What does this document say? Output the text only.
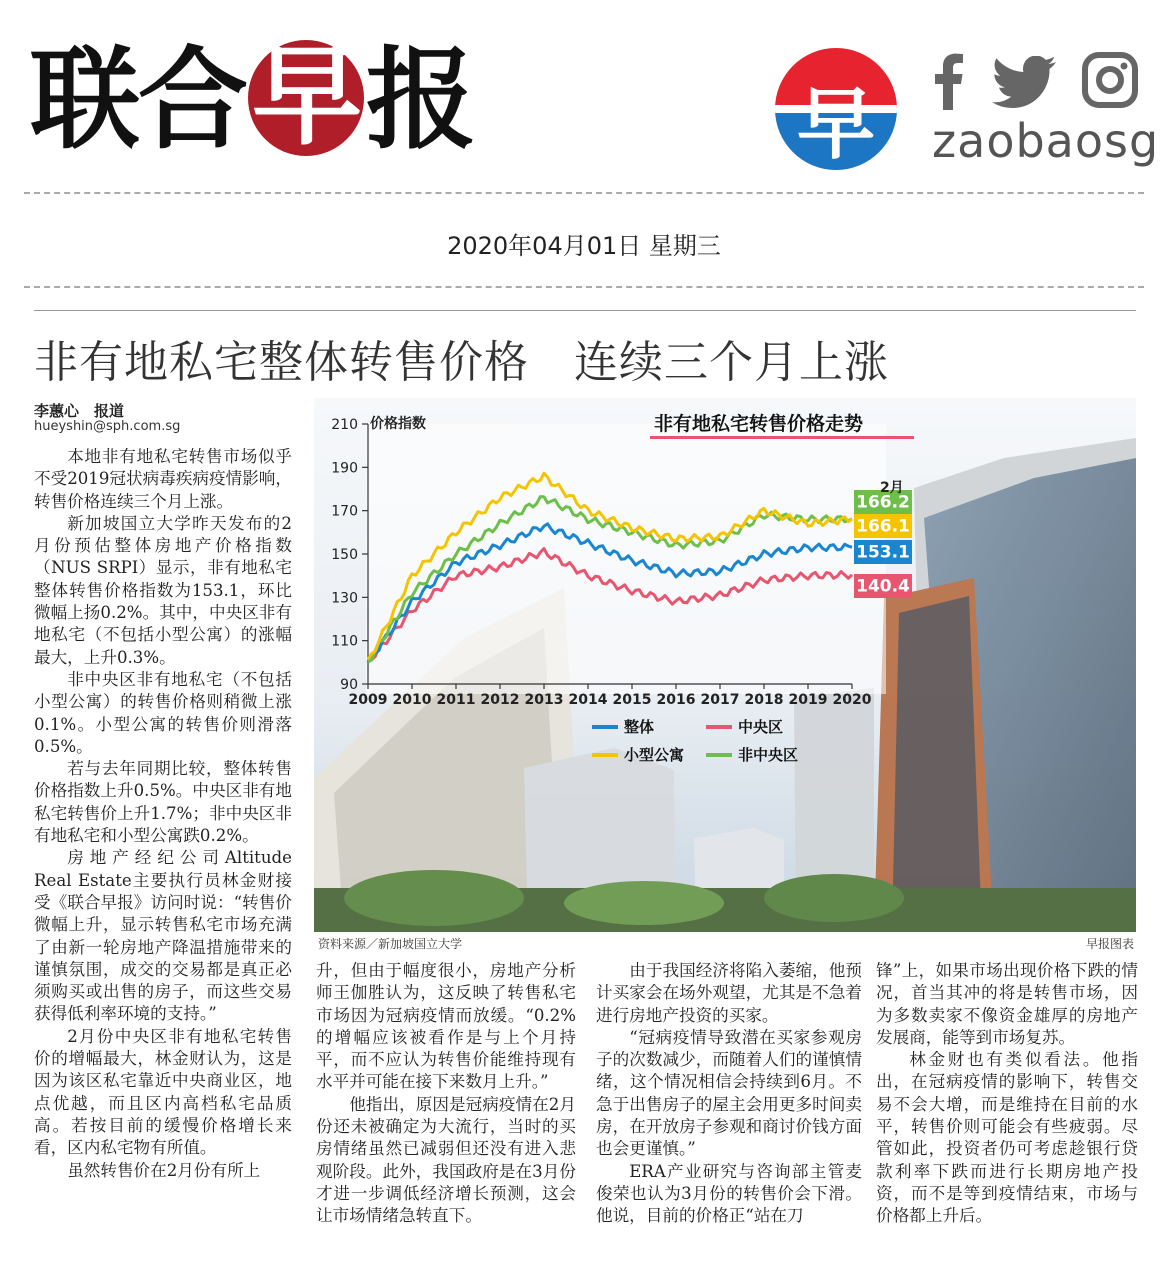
联合早报	早	zaobaosg
2020年04月01日 星期三
非有地私宅整体转售价格　连续三个月上涨
李蕙心　报道
hueyshin@sph.com.sg

本地非有地私宅转售市场似乎不受2019冠状病毒疾病疫情影响，转售价格连续三个月上涨。

新加坡国立大学昨天发布的2月份预估整体房地产价格指数（NUS SRPI）显示，非有地私宅整体转售价格指数为153.1，环比微幅上扬0.2%。其中，中央区非有地私宅（不包括小型公寓）的涨幅最大，上升0.3%。

非中央区非有地私宅（不包括小型公寓）的转售价格则稍微上涨0.1%。小型公寓的转售价则滑落0.5%。

若与去年同期比较，整体转售价格指数上升0.5%。中央区非有地私宅转售价上升1.7%；非中央区非有地私宅和小型公寓跌0.2%。

房地产经纪公司Altitude Real Estate主要执行员林金财接受《联合早报》访问时说：“转售价微幅上升，显示转售私宅市场充满了由新一轮房地产降温措施带来的谨慎氛围，成交的交易都是真正必须购买或出售的房子，而这些交易获得低利率环境的支持。”

2月份中央区非有地私宅转售价的增幅最大，林金财认为，这是因为该区私宅靠近中央商业区，地点优越，而且区内高档私宅品质高。若按目前的缓慢价格增长来看，区内私宅物有所值。

虽然转售价在2月份有所上

90
110
130
150
170
190
210
2009 2010 2011 2012 2013 2014 2015 2016 2017 2018 2019 2020
166.2
166.1
153.1
140.4
价格指数	非有地私宅转售价格走势
2月
整体	中央区
小型公寓	非中央区
资料来源／新加坡国立大学	早报图表

升，但由于幅度很小，房地产分析师王伽胜认为，这反映了转售私宅市场因为冠病疫情而放缓。“0.2%的增幅应该被看作是与上个月持平，而不应认为转售价能维持现有水平并可能在接下来数月上升。”

他指出，原因是冠病疫情在2月份还未被确定为大流行，当时的买房情绪虽然已减弱但还没有进入悲观阶段。此外，我国政府是在3月份才进一步调低经济增长预测，这会让市场情绪急转直下。

由于我国经济将陷入萎缩，他预计买家会在场外观望，尤其是不急着进行房地产投资的买家。

“冠病疫情导致潜在买家参观房子的次数减少，而随着人们的谨慎情绪，这个情况相信会持续到6月。不急于出售房子的屋主会用更多时间卖房，在开放房子参观和商讨价钱方面也会更谨慎。”

ERA产业研究与咨询部主管麦俊荣也认为3月份的转售价会下滑。他说，目前的价格正“站在刀

锋”上，如果市场出现价格下跌的情况，首当其冲的将是转售市场，因为多数卖家不像资金雄厚的房地产发展商，能等到市场复苏。

林金财也有类似看法。他指出，在冠病疫情的影响下，转售交易不会大增，而是维持在目前的水平，转售价则可能会有些疲弱。尽管如此，投资者仍可考虑趁银行贷款利率下跌而进行长期房地产投资，而不是等到疫情结束，市场与价格都上升后。
